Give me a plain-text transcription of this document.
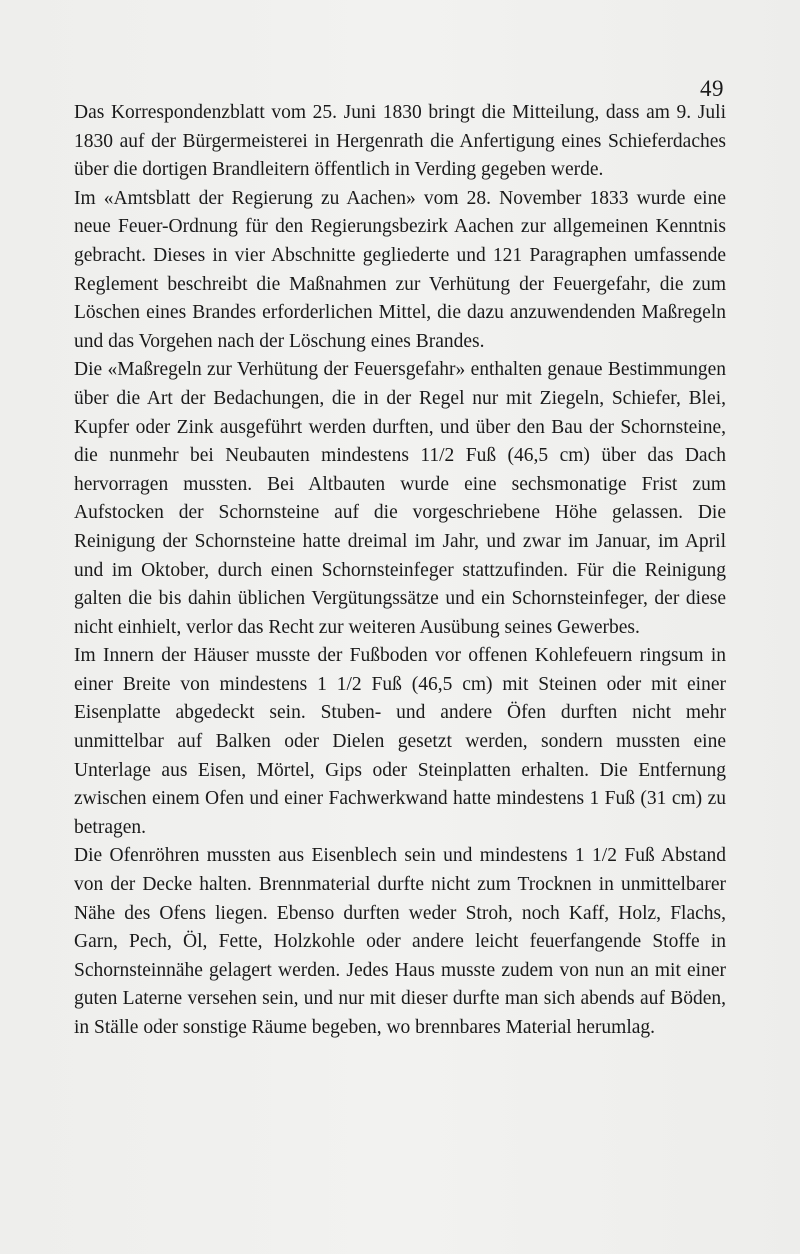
49

Das Korrespondenzblatt vom 25. Juni 1830 bringt die Mitteilung, dass am 9. Juli 1830 auf der Bürgermeisterei in Hergenrath die Anfertigung eines Schieferdaches über die dortigen Brandleitern öffentlich in Verding gegeben werde.

Im «Amtsblatt der Regierung zu Aachen» vom 28. November 1833 wurde eine neue Feuer-Ordnung für den Regierungsbezirk Aachen zur allgemeinen Kenntnis gebracht. Dieses in vier Abschnitte gegliederte und 121 Paragraphen umfassende Reglement beschreibt die Maßnahmen zur Verhütung der Feuergefahr, die zum Löschen eines Brandes erforderlichen Mittel, die dazu anzuwendenden Maßregeln und das Vorgehen nach der Löschung eines Brandes.

Die «Maßregeln zur Verhütung der Feuersgefahr» enthalten genaue Bestimmungen über die Art der Bedachungen, die in der Regel nur mit Ziegeln, Schiefer, Blei, Kupfer oder Zink ausgeführt werden durften, und über den Bau der Schornsteine, die nunmehr bei Neubauten mindestens 11/2 Fuß (46,5 cm) über das Dach hervorragen mussten. Bei Altbauten wurde eine sechsmonatige Frist zum Aufstocken der Schornsteine auf die vorgeschriebene Höhe gelassen. Die Reinigung der Schornsteine hatte dreimal im Jahr, und zwar im Januar, im April und im Oktober, durch einen Schornsteinfeger stattzufinden. Für die Reinigung galten die bis dahin üblichen Vergütungssätze und ein Schornsteinfeger, der diese nicht einhielt, verlor das Recht zur weiteren Ausübung seines Gewerbes.

Im Innern der Häuser musste der Fußboden vor offenen Kohlefeuern ringsum in einer Breite von mindestens 1 1/2 Fuß (46,5 cm) mit Steinen oder mit einer Eisenplatte abgedeckt sein. Stuben- und andere Öfen durften nicht mehr unmittelbar auf Balken oder Dielen gesetzt werden, sondern mussten eine Unterlage aus Eisen, Mörtel, Gips oder Steinplatten erhalten. Die Entfernung zwischen einem Ofen und einer Fachwerkwand hatte mindestens 1 Fuß (31 cm) zu betragen.

Die Ofenröhren mussten aus Eisenblech sein und mindestens 1 1/2 Fuß Abstand von der Decke halten. Brennmaterial durfte nicht zum Trocknen in unmittelbarer Nähe des Ofens liegen. Ebenso durften weder Stroh, noch Kaff, Holz, Flachs, Garn, Pech, Öl, Fette, Holzkohle oder andere leicht feuerfangende Stoffe in Schornsteinnähe gelagert werden. Jedes Haus musste zudem von nun an mit einer guten Laterne versehen sein, und nur mit dieser durfte man sich abends auf Böden, in Ställe oder sonstige Räume begeben, wo brennbares Material herumlag.
